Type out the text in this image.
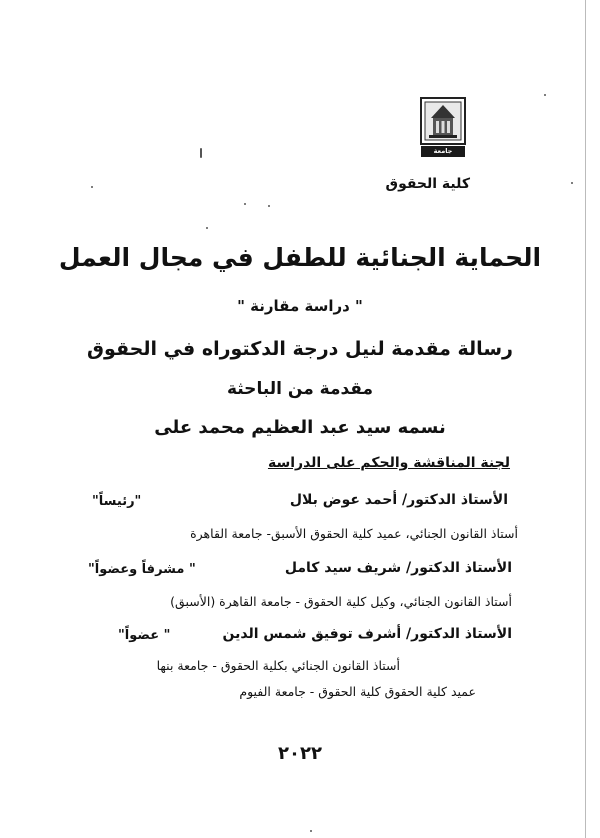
جامعة القاهرة
كلية الحقوق
الحماية الجنائية للطفل في مجال العمل
" دراسة مقارنة "
رسالة مقدمة لنيل درجة الدكتوراه في الحقوق
مقدمة من الباحثة
نسمه سيد عبد العظيم محمد على
لجنة المناقشة والحكم على الدراسة
الأستاذ الدكتور/ أحمد عوض بلال
"رئيساً"
أستاذ القانون الجنائي، عميد كلية الحقوق الأسبق- جامعة القاهرة
الأستاذ الدكتور/ شريف سيد كامل
" مشرفاً وعضواً"
أستاذ القانون الجنائي، وكيل كلية الحقوق - جامعة القاهرة (الأسبق)
الأستاذ الدكتور/ أشرف توفيق شمس الدين
" عضواً"
أستاذ القانون الجنائي بكلية الحقوق - جامعة بنها
عميد كلية الحقوق كلية الحقوق - جامعة الفيوم
٢٠٢٢
